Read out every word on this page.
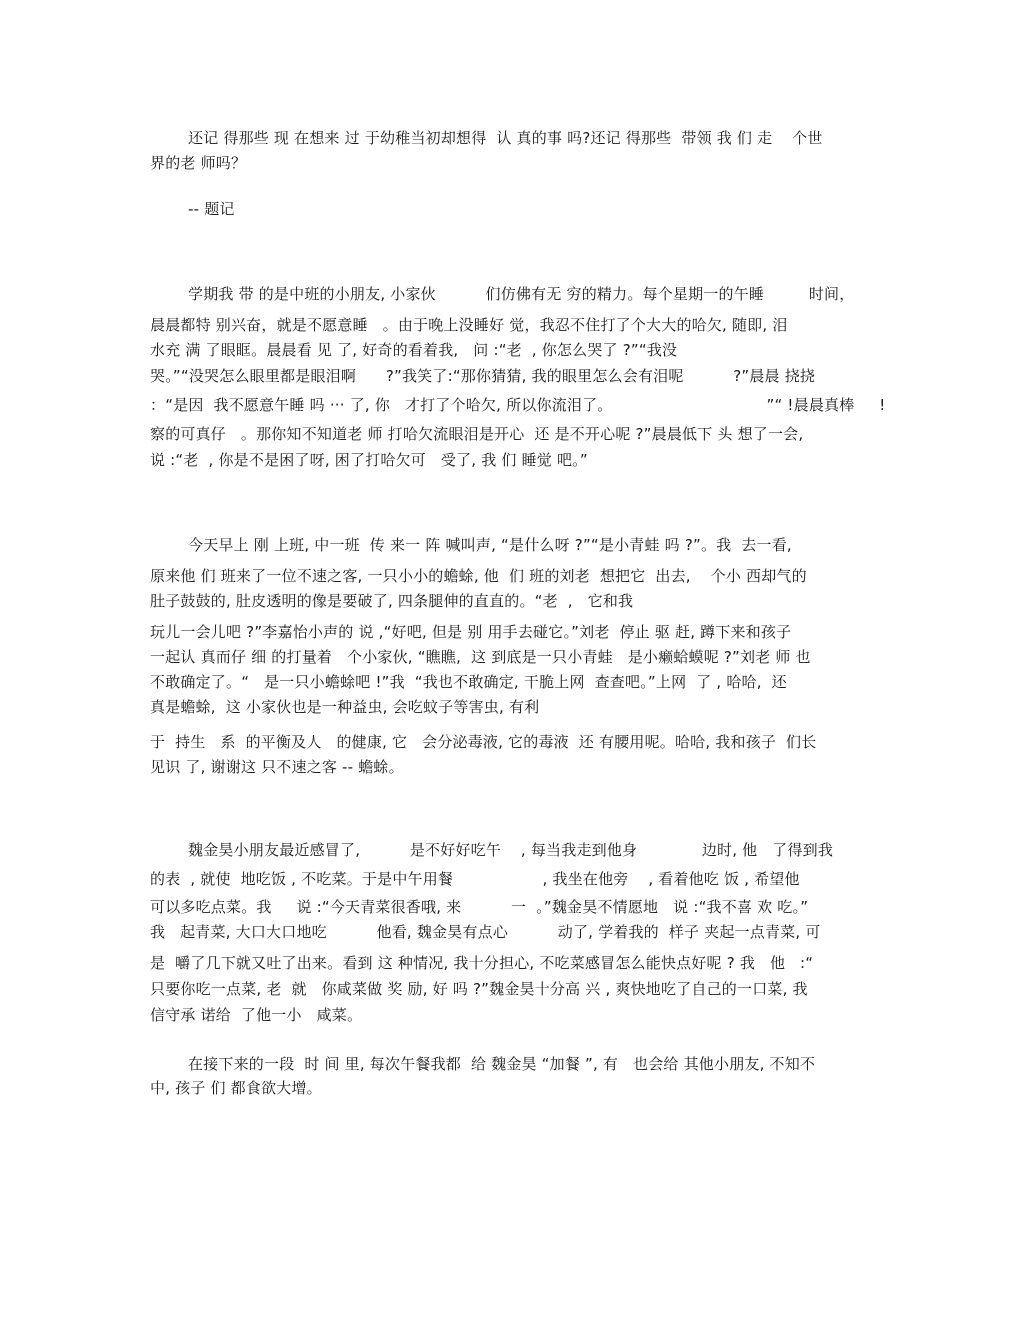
还记 得那些 现 在想来 过 于幼稚当初却想得  认 真的事 吗?还记 得那些  带领 我 们 走    个世
界的老 师吗？
-- 题记
学期我 带 的是中班的小朋友, 小家伙          们仿佛有无 穷的精力。每个星期一的午睡         时间，
晨晨都特 别兴奋，就是不愿意睡   。由于晚上没睡好 觉，我忍不住打了个大大的哈欠, 随即, 泪
水充 满 了眼眶。晨晨看 见 了, 好奇的看着我,   问 :“老  , 你怎么哭了 ?”“我没
哭。”“没哭怎么眼里都是眼泪啊      ?”我笑了:“那你猜猜, 我的眼里怎么会有泪呢          ?”晨晨 挠挠
：“是因  我不愿意午睡 吗 ··· 了, 你   才打了个哈欠, 所以你流泪了。                               ”“ !晨晨真棒     !
察的可真仔   。那你知不知道老 师 打哈欠流眼泪是开心  还 是不开心呢 ?”晨晨低下 头 想了一会,
说 :“老  , 你是不是困了呀, 困了打哈欠可   受了, 我 们 睡觉 吧。”
今天早上 刚 上班, 中一班  传 来一 阵 喊叫声, “是什么呀 ?”“是小青蛙 吗 ?”。我  去一看,
原来他 们 班来了一位不速之客, 一只小小的蟾蜍, 他  们 班的刘老  想把它  出去,    个小 西却气的
肚子鼓鼓的, 肚皮透明的像是要破了, 四条腿伸的直直的。“老  ,   它和我
玩儿一会儿吧 ?”李嘉怡小声的 说 ,“好吧, 但是 别 用手去碰它。”刘老  停止 驱 赶, 蹲下来和孩子
一起认 真而仔 细 的打量着   个小家伙, “瞧瞧,  这 到底是一只小青蛙   是小癞蛤蟆呢 ?”刘老 师 也
不敢确定了。“   是一只小蟾蜍吧 !”我  “我也不敢确定, 干脆上网  查查吧。”上网  了 , 哈哈,  还
真是蟾蜍,  这 小家伙也是一种益虫, 会吃蚊子等害虫, 有利
于  持生   系  的平衡及人   的健康, 它   会分泌毒液, 它的毒液  还 有腰用呢。哈哈, 我和孩子  们长
见识 了, 谢谢这 只不速之客 -- 蟾蜍。
魏金昊小朋友最近感冒了,          是不好好吃午    , 每当我走到他身             边时, 他   了得到我
的表  , 就使  地吃饭 , 不吃菜。于是中午用餐                  , 我坐在他旁    , 看着他吃 饭 , 希望他
可以多吃点菜。我     说 :“今天青菜很香哦, 来          一  。”魏金昊不情愿地   说 :“我不喜 欢 吃。”
我   起青菜, 大口大口地吃          他看, 魏金昊有点心          动了, 学着我的  样子 夹起一点青菜, 可
是  嚼了几下就又吐了出来。看到 这 种情况, 我十分担心, 不吃菜感冒怎么能快点好呢 ? 我   他   :“
只要你吃一点菜, 老  就   你咸菜做 奖 励, 好 吗 ?”魏金昊十分高 兴 , 爽快地吃了自己的一口菜, 我
信守承 诺给  了他一小   咸菜。
在接下来的一段  时 间 里, 每次午餐我都  给 魏金昊 “加餐 ”, 有   也会给 其他小朋友, 不知不
中, 孩子 们 都食欲大增。
